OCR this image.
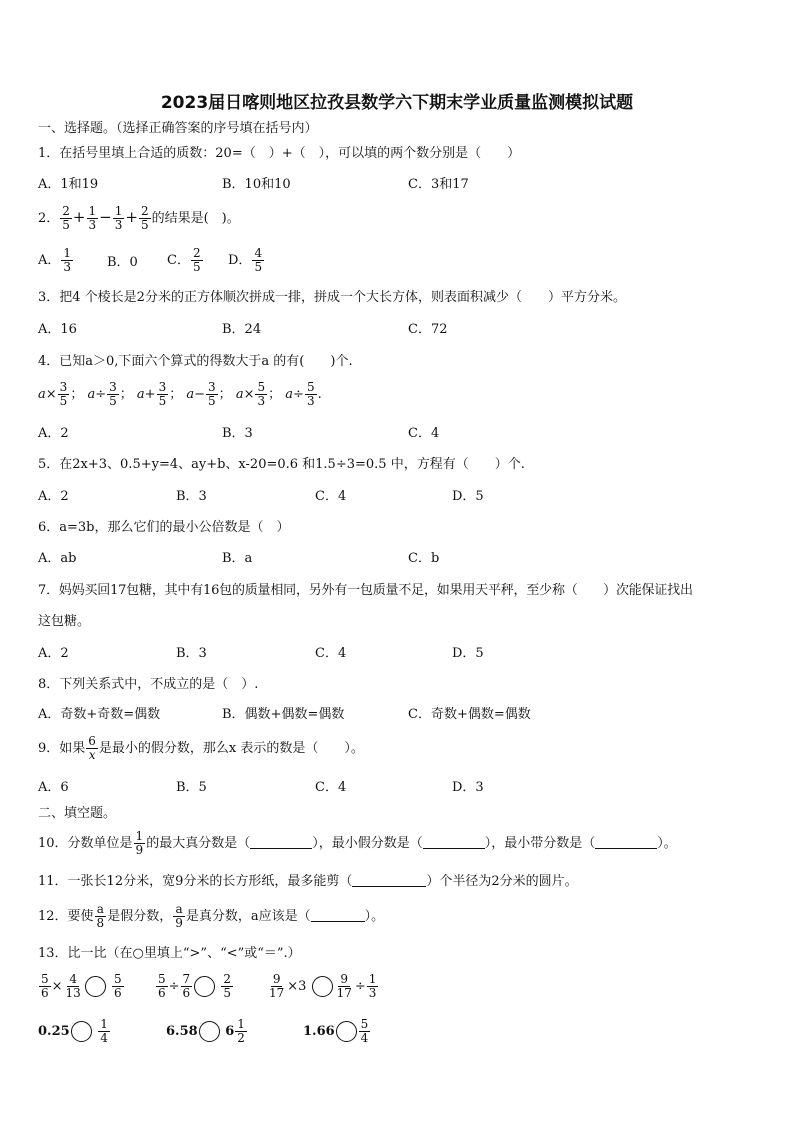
2023届日喀则地区拉孜县数学六下期末学业质量监测模拟试题
一、选择题。（选择正确答案的序号填在括号内）
1．在括号里填上合适的质数：20=（　）+（　），可以填的两个数分别是（　　）
A．1和19	B．10和10	C．3和17
2． $\frac{2}{5} + \frac{1}{3} - \frac{1}{3} + \frac{2}{5}$ 的结果是(　)。
A． $\frac{1}{3}$	B．0 C． $\frac{2}{5}$ D． $\frac{4}{5}$
3．把4 个棱长是2分米的正方体顺次拼成一排，拼成一个大长方体，则表面积减少（　　）平方分米。
A．16	B．24	C．72
4．已知a＞0,下面六个算式的得数大于a 的有(　　)个.
$a\times \frac{3}{5}$ ； $a\div \frac{3}{5}$ ； $a+ \frac{3}{5}$ ； $a- \frac{3}{5}$ ； $a\times \frac{5}{3}$ ； $a\div \frac{5}{3}$ .
A．2	B．3	C．4
5．在2x+3、0.5+y=4、ay+b、x-20=0.6 和1.5÷3=0.5 中，方程有（　　）个.
A．2	B．3	C．4	D．5
6．a=3b，那么它们的最小公倍数是（　）
A．ab	B．a	C．b
7．妈妈买回17包糖，其中有16包的质量相同，另外有一包质量不足，如果用天平秤，至少称（　　）次能保证找出
这包糖。
A．2	B．3	C．4	D．5
8．下列关系式中，不成立的是（　）.
A．奇数+奇数=偶数	B．偶数+偶数=偶数	C．奇数+偶数=偶数
9．如果 $\frac{6}{x}$ 是最小的假分数，那么x 表示的数是（　　）。
A．6	B．5	C．4	D．3
二、填空题。
10．分数单位是 $\frac{1}{9}$ 的最大真分数是（	），最小假分数是（	），最小带分数是（	）。
11．一张长12分米，宽9分米的长方形纸，最多能剪（	）个半径为2分米的圆片。
12．要使 $\frac{a}{8}$ 是假分数， $\frac{a}{9}$ 是真分数，a应该是（	）。
13．比一比（在○里填上“>”、“<”或“＝”.）
$\frac{5}{6} \times \frac{4}{13}$
$\frac{5}{6}$	$\frac{5}{6} \div \frac{7}{6}$
$\frac{2}{5}$	$\frac{9}{17} \times 3 \frac{9}{17} \div \frac{1}{3}$
$0.25 \frac{1}{4}$	6.58 $6 \frac{1}{2}$	$1.66 \frac{5}{4}$
